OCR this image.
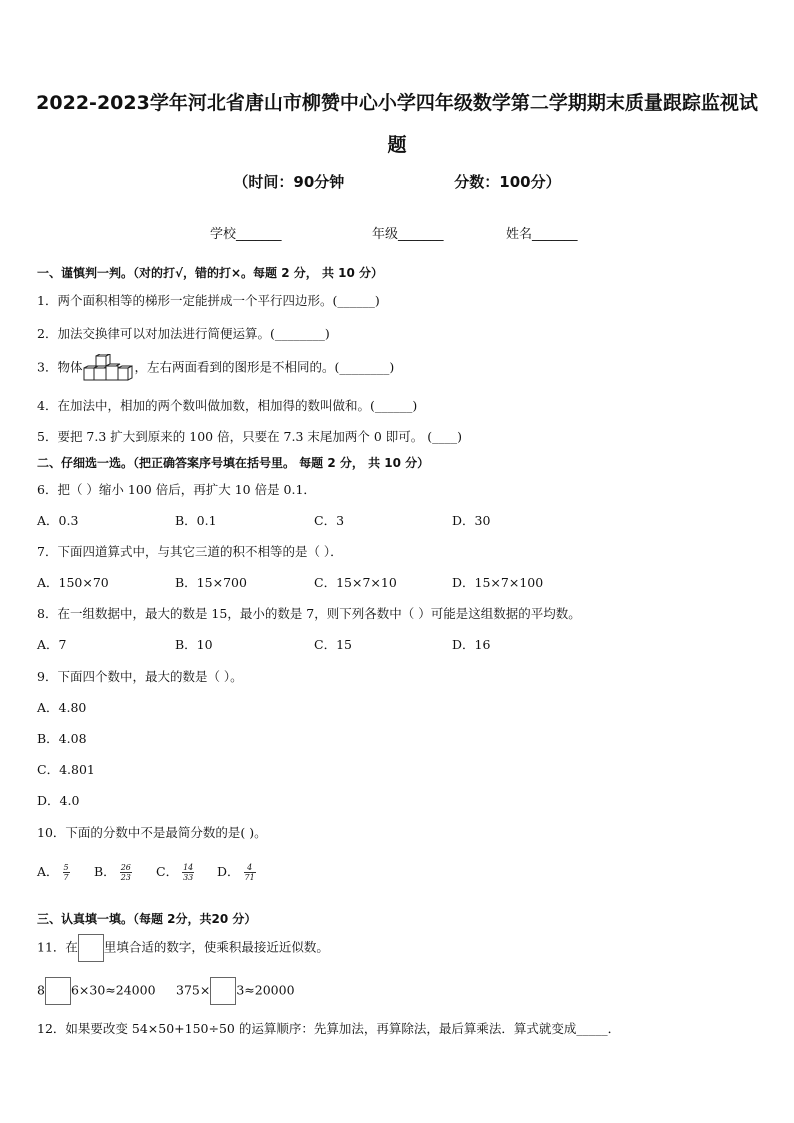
2022-2023学年河北省唐山市柳赞中心小学四年级数学第二学期期末质量跟踪监视试
题
（时间：90分钟	分数：100分）
学校_______	年级_______	姓名_______
一、谨慎判一判。（对的打√，错的打×。每题 2 分， 共 10 分）
1．两个面积相等的梯形一定能拼成一个平行四边形。(______)
2．加法交换律可以对加法进行简便运算。(________)
3．物体	，左右两面看到的图形是不相同的。(________)
4．在加法中，相加的两个数叫做加数，相加得的数叫做和。(______)
5．要把 7.3 扩大到原来的 100 倍，只要在 7.3 末尾加两个 0 即可。 (____)
二、仔细选一选。（把正确答案序号填在括号里。 每题 2 分， 共 10 分）
6．把（ ）缩小 100 倍后，再扩大 10 倍是 0.1．
A．0.3	B．0.1	C．3	D．30
7．下面四道算式中，与其它三道的积不相等的是（ ）．
A．150×70	B．15×700	C．15×7×10	D．15×7×100
8．在一组数据中，最大的数是 15，最小的数是 7，则下列各数中（ ）可能是这组数据的平均数。
A．7	B．10	C．15	D．16
9．下面四个数中，最大的数是（ ）。
A．4.80
B．4.08
C．4.801
D．4.0
10．下面的分数中不是最简分数的是( )。
A． $\frac{5}{7}$ B． $\frac{26}{23}$ C． $\frac{14}{33}$ D． $\frac{4}{71}$
三、认真填一填。（每题 2分，共20 分）
11．在 里填合适的数字，使乘积最接近近似数。
8 6×30≈24000 375× 3≈20000
12．如果要改变 54×50+150÷50 的运算顺序：先算加法，再算除法，最后算乘法．算式就变成_____．
